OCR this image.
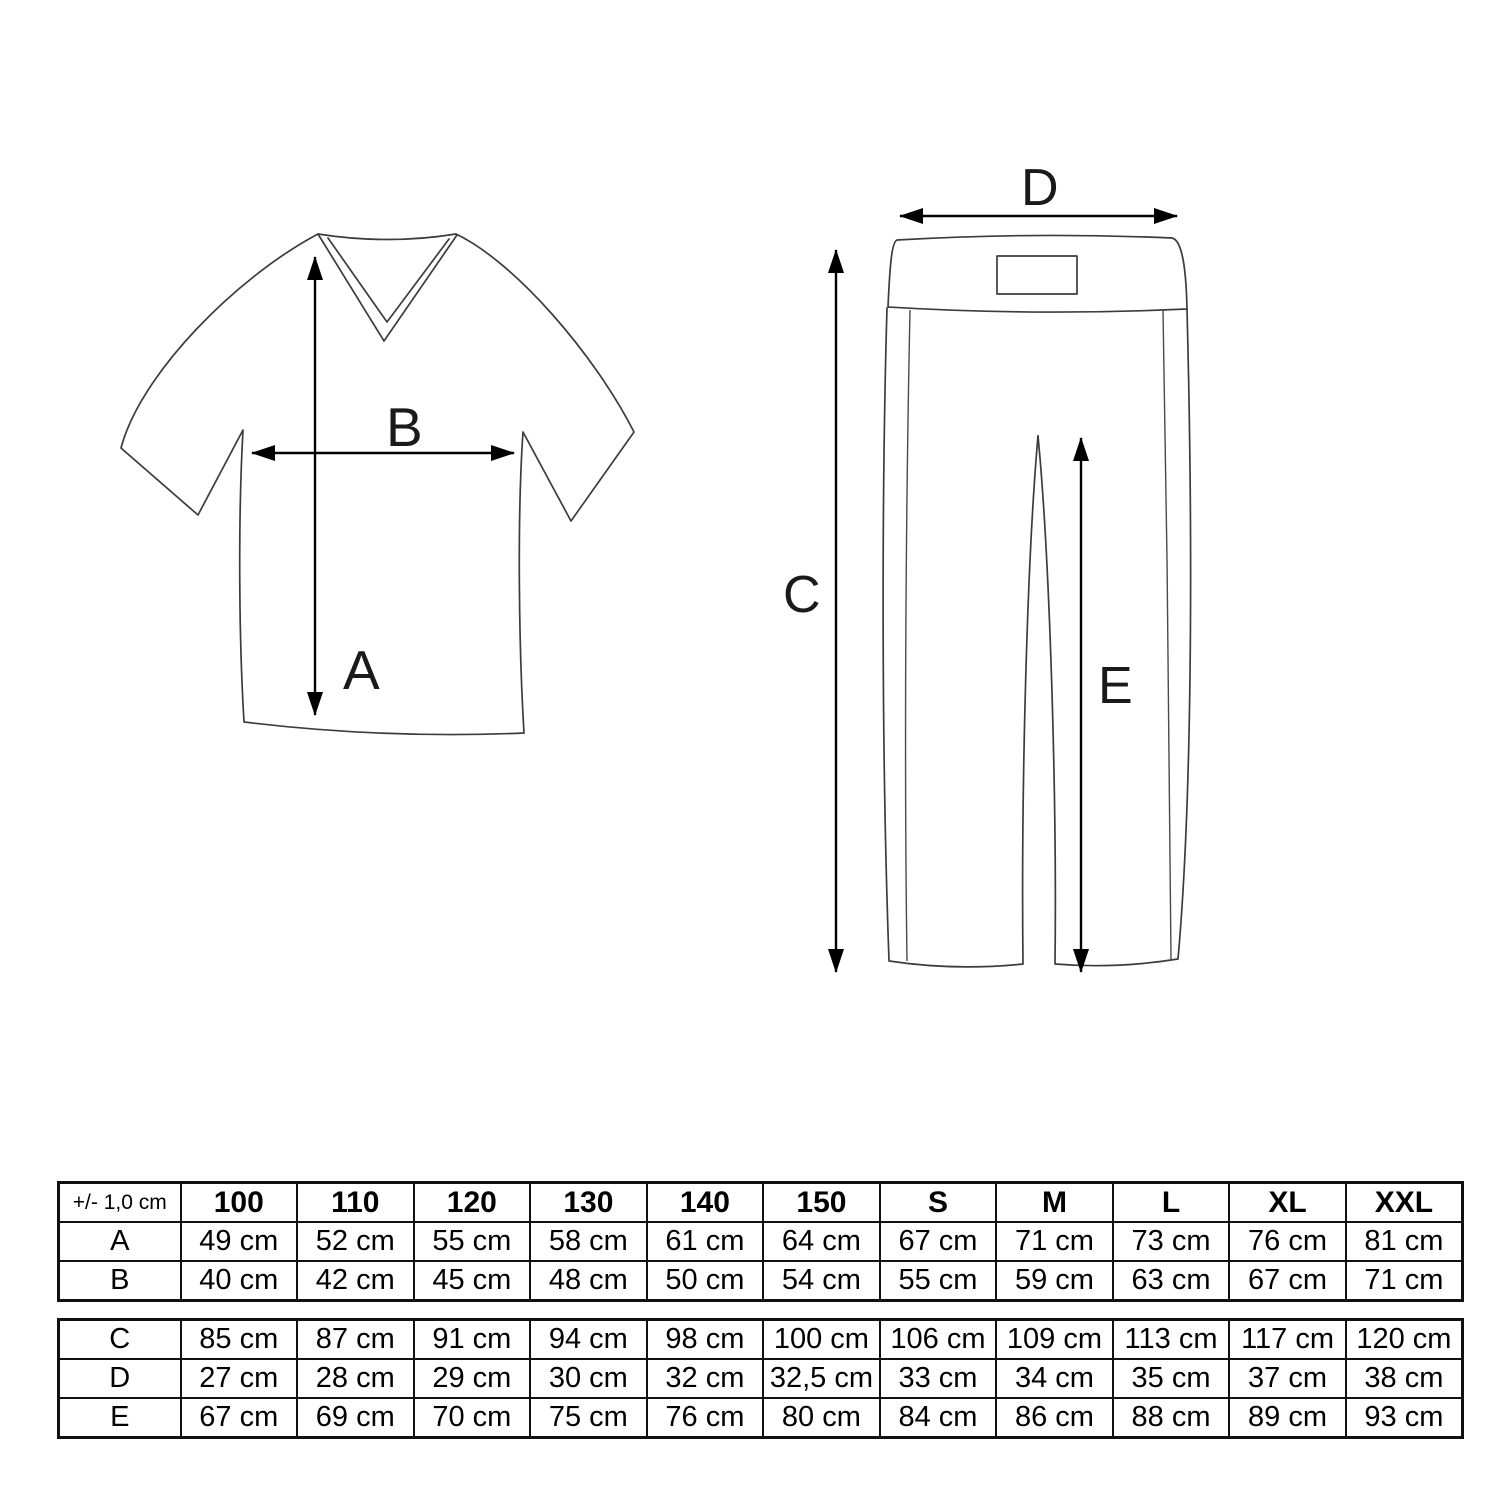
A
B
D
C
E
+/- 1,0 cm	100	110	120	130	140	150	S	M	L	XL	XXL
A	49 cm	52 cm	55 cm	58 cm	61 cm	64 cm	67 cm	71 cm	73 cm	76 cm	81 cm
B	40 cm	42 cm	45 cm	48 cm	50 cm	54 cm	55 cm	59 cm	63 cm	67 cm	71 cm
C	85 cm	87 cm	91 cm	94 cm	98 cm	100 cm	106 cm	109 cm	113 cm	117 cm	120 cm
D	27 cm	28 cm	29 cm	30 cm	32 cm	32,5 cm	33 cm	34 cm	35 cm	37 cm	38 cm
E	67 cm	69 cm	70 cm	75 cm	76 cm	80 cm	84 cm	86 cm	88 cm	89 cm	93 cm
